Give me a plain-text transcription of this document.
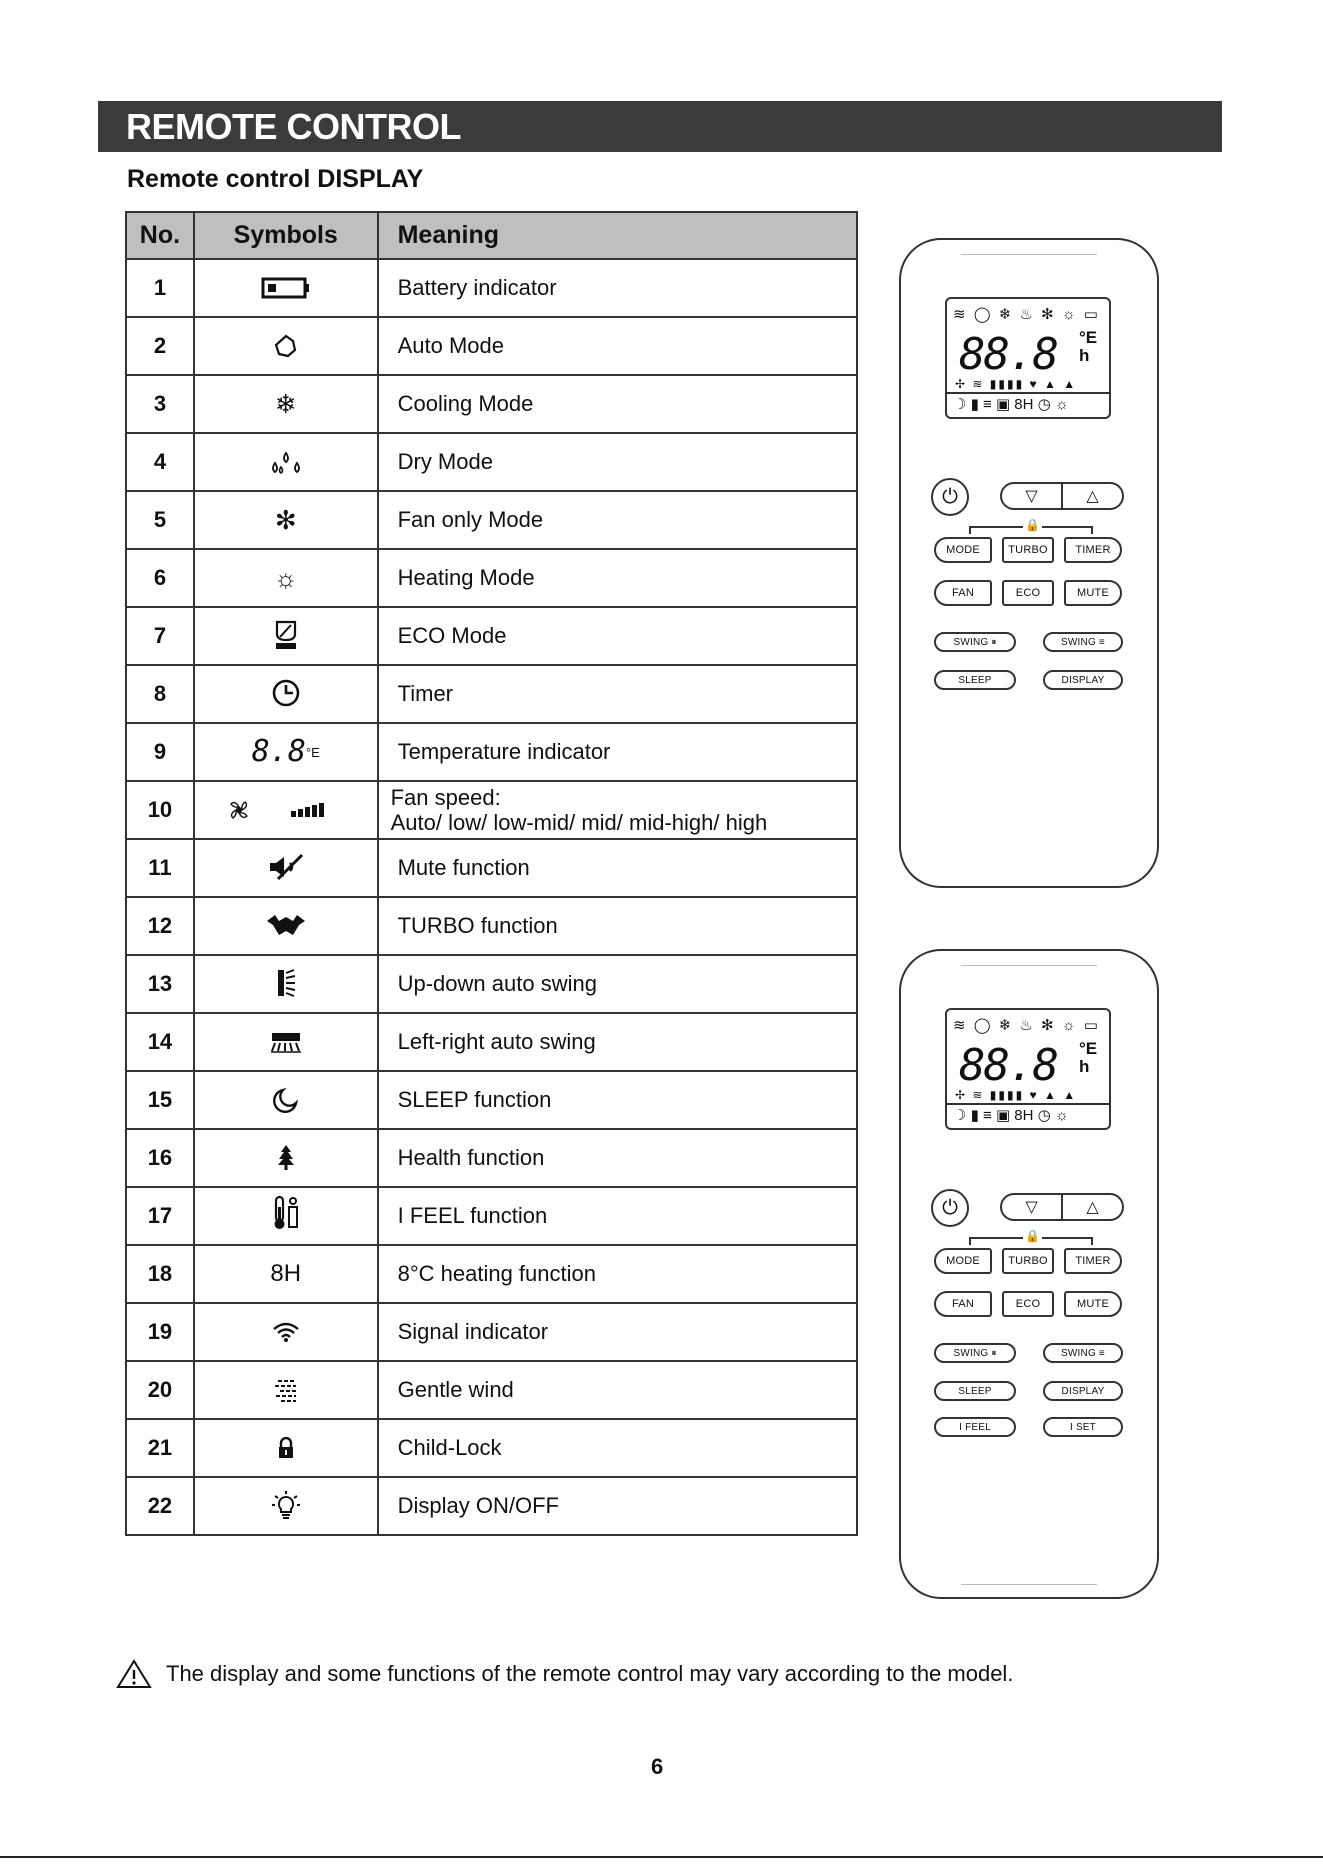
REMOTE CONTROL
Remote control DISPLAY
No.	Symbols	Meaning
1		Battery indicator
2		Auto Mode
3	❄	Cooling Mode
4		Dry Mode
5	✻	Fan only Mode
6	☼	Heating Mode
7		ECO Mode
8		Timer
9	8.8 °E	Temperature indicator
10		Fan speed:
Auto/ low/ low-mid/ mid/ mid-high/ high

11		Mute function
12		TURBO function
13		Up-down auto swing
14		Left-right auto swing
15		SLEEP function
16		Health function
17		I FEEL function
18	8H	8°C heating function
19		Signal indicator
20		Gentle wind
21		Child-Lock
22		Display ON/OFF
≋ ◯ ❄ ♨ ✻ ☼ ▭
88.8 °E
h
✢ ≋ ▮▮▮▮ ♥ ▲ ▲
☽ ▮ ≡ ▣ 8H ◷ ☼
⏻	▽	△
🔒
MODE	TURBO	TIMER
FAN	ECO	MUTE
SWING ⏸	SWING ≡
SLEEP	DISPLAY
≋ ◯ ❄ ♨ ✻ ☼ ▭
88.8 °E
h
✢ ≋ ▮▮▮▮ ♥ ▲ ▲
☽ ▮ ≡ ▣ 8H ◷ ☼
⏻	▽	△
🔒
MODE	TURBO	TIMER
FAN	ECO	MUTE
SWING ⏸	SWING ≡
SLEEP	DISPLAY
I FEEL	I SET
The display and some functions of the remote control may vary according to the model.
6
